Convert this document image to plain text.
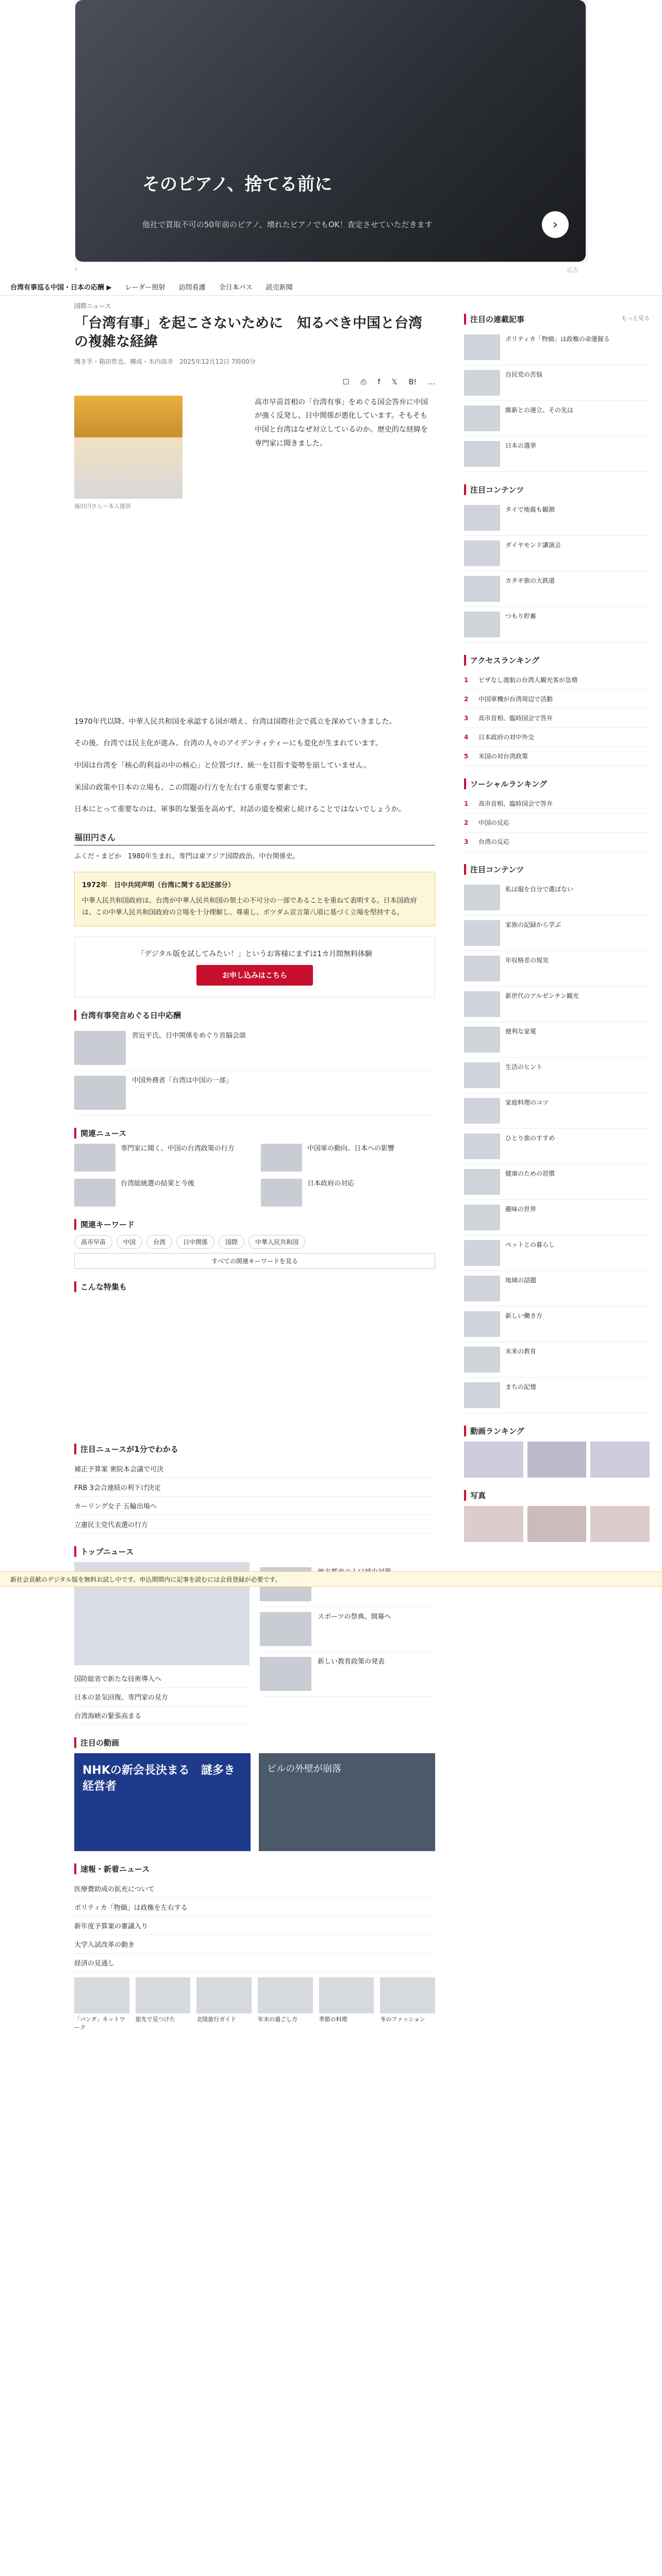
そのピアノ、捨てる前に

他社で買取不可の50年前のピアノ、壊れたピアノでもOK！査定させていただきます	›
i	広告
台湾有事巡る中国・日本の応酬 ▶ レーダー照射 訪問看護 全日本バス 読売新聞
国際ニュース
「台湾有事」を起こさないために　知るべき中国と台湾の複雑な経緯
聞き手・箱田哲也、構成・木内高幸　2025年12月12日 7時00分
☐ ⎙ f 𝕏 B! …
福田円さん＝本人提供
高市早苗首相の「台湾有事」をめぐる国会答弁に中国が強く反発し、日中関係が悪化しています。そもそも中国と台湾はなぜ対立しているのか。歴史的な経緯を専門家に聞きました。

1970年代以降、中華人民共和国を承認する国が増え、台湾は国際社会で孤立を深めていきました。

その後、台湾では民主化が進み、台湾の人々のアイデンティティーにも変化が生まれています。

中国は台湾を「核心的利益の中の核心」と位置づけ、統一を目指す姿勢を崩していません。

米国の政策や日本の立場も、この問題の行方を左右する重要な要素です。

日本にとって重要なのは、軍事的な緊張を高めず、対話の道を模索し続けることではないでしょうか。

福田円さん

ふくだ・まどか　1980年生まれ。専門は東アジア国際政治、中台関係史。

1972年　日中共同声明（台湾に関する記述部分）
中華人民共和国政府は、台湾が中華人民共和国の領土の不可分の一部であることを重ねて表明する。日本国政府は、この中華人民共和国政府の立場を十分理解し、尊重し、ポツダム宣言第八項に基づく立場を堅持する。
「デジタル版を試してみたい！」というお客様にまずは1カ月間無料体験
お申し込みはこちら
台湾有事発言めぐる日中応酬
習近平氏、日中関係をめぐり首脳会談
中国外務省「台湾は中国の一部」
関連ニュース
専門家に聞く、中国の台湾政策の行方	中国軍の動向、日本への影響
台湾総統選の結果と今後	日本政府の対応
関連キーワード
高市早苗	中国	台湾	日中関係	国際	中華人民共和国
すべての関連キーワードを見る
こんな特集も
注目ニュースが1分でわかる
補正予算案 衆院本会議で可決
FRB 3会合連続の利下げ決定
カーリング女子 五輪出場へ
立憲民主党代表選の行方
トップニュース
国防総省で新たな技術導入へ
日本の景気回復、専門家の見方
台湾海峡の緊張高まる
スポーツの祭典、開幕へ
新しい教育政策の発表
注目の動画
NHKの新会長決まる　謎多き経営者
ビルの外壁が崩落
速報・新着ニュース
医療費助成の拡充について
ポリティカ「物価」は政権を左右する
新年度予算案の審議入り
大学入試改革の動き
経済の見通し
「パンダ」ネットワーク
旅先で見つけた	北陸旅行ガイド	年末の過ごし方	季節の料理	冬のファッション
注目の連載記事	もっと見る
ポリティカ「物価」は政権の命運握る
自民党の苦悩
維新との連立、その先は
日本の選挙
注目コンテンツ
タイで地震も観測
ダイヤモンド講演会
カタギ旅の大鉄道
つもり貯蓄
アクセスランキング
1	ビザなし渡航の台湾人観光客が急増
2	中国軍機が台湾周辺で活動
3	高市首相、臨時国会で答弁
4	日本政府の対中外交
5	米国の対台湾政策
ソーシャルランキング
1	高市首相、臨時国会で答弁
2	中国の反応
3	台湾の反応
注目コンテンツ
私は服を自分で選ばない
家族の記録から学ぶ
年収格差の現実
新世代のアルゼンチン観光
便利な家電
生活のヒント
家庭料理のコツ
ひとり旅のすすめ
健康のための習慣
趣味の世界
ペットとの暮らし
地域の話題
新しい働き方
未来の教育
まちの記憶
動画ランキング
写真
新社会貢献のデジタル版を無料お試し中です。申込期間内に記事を読むには会員登録が必要です。
